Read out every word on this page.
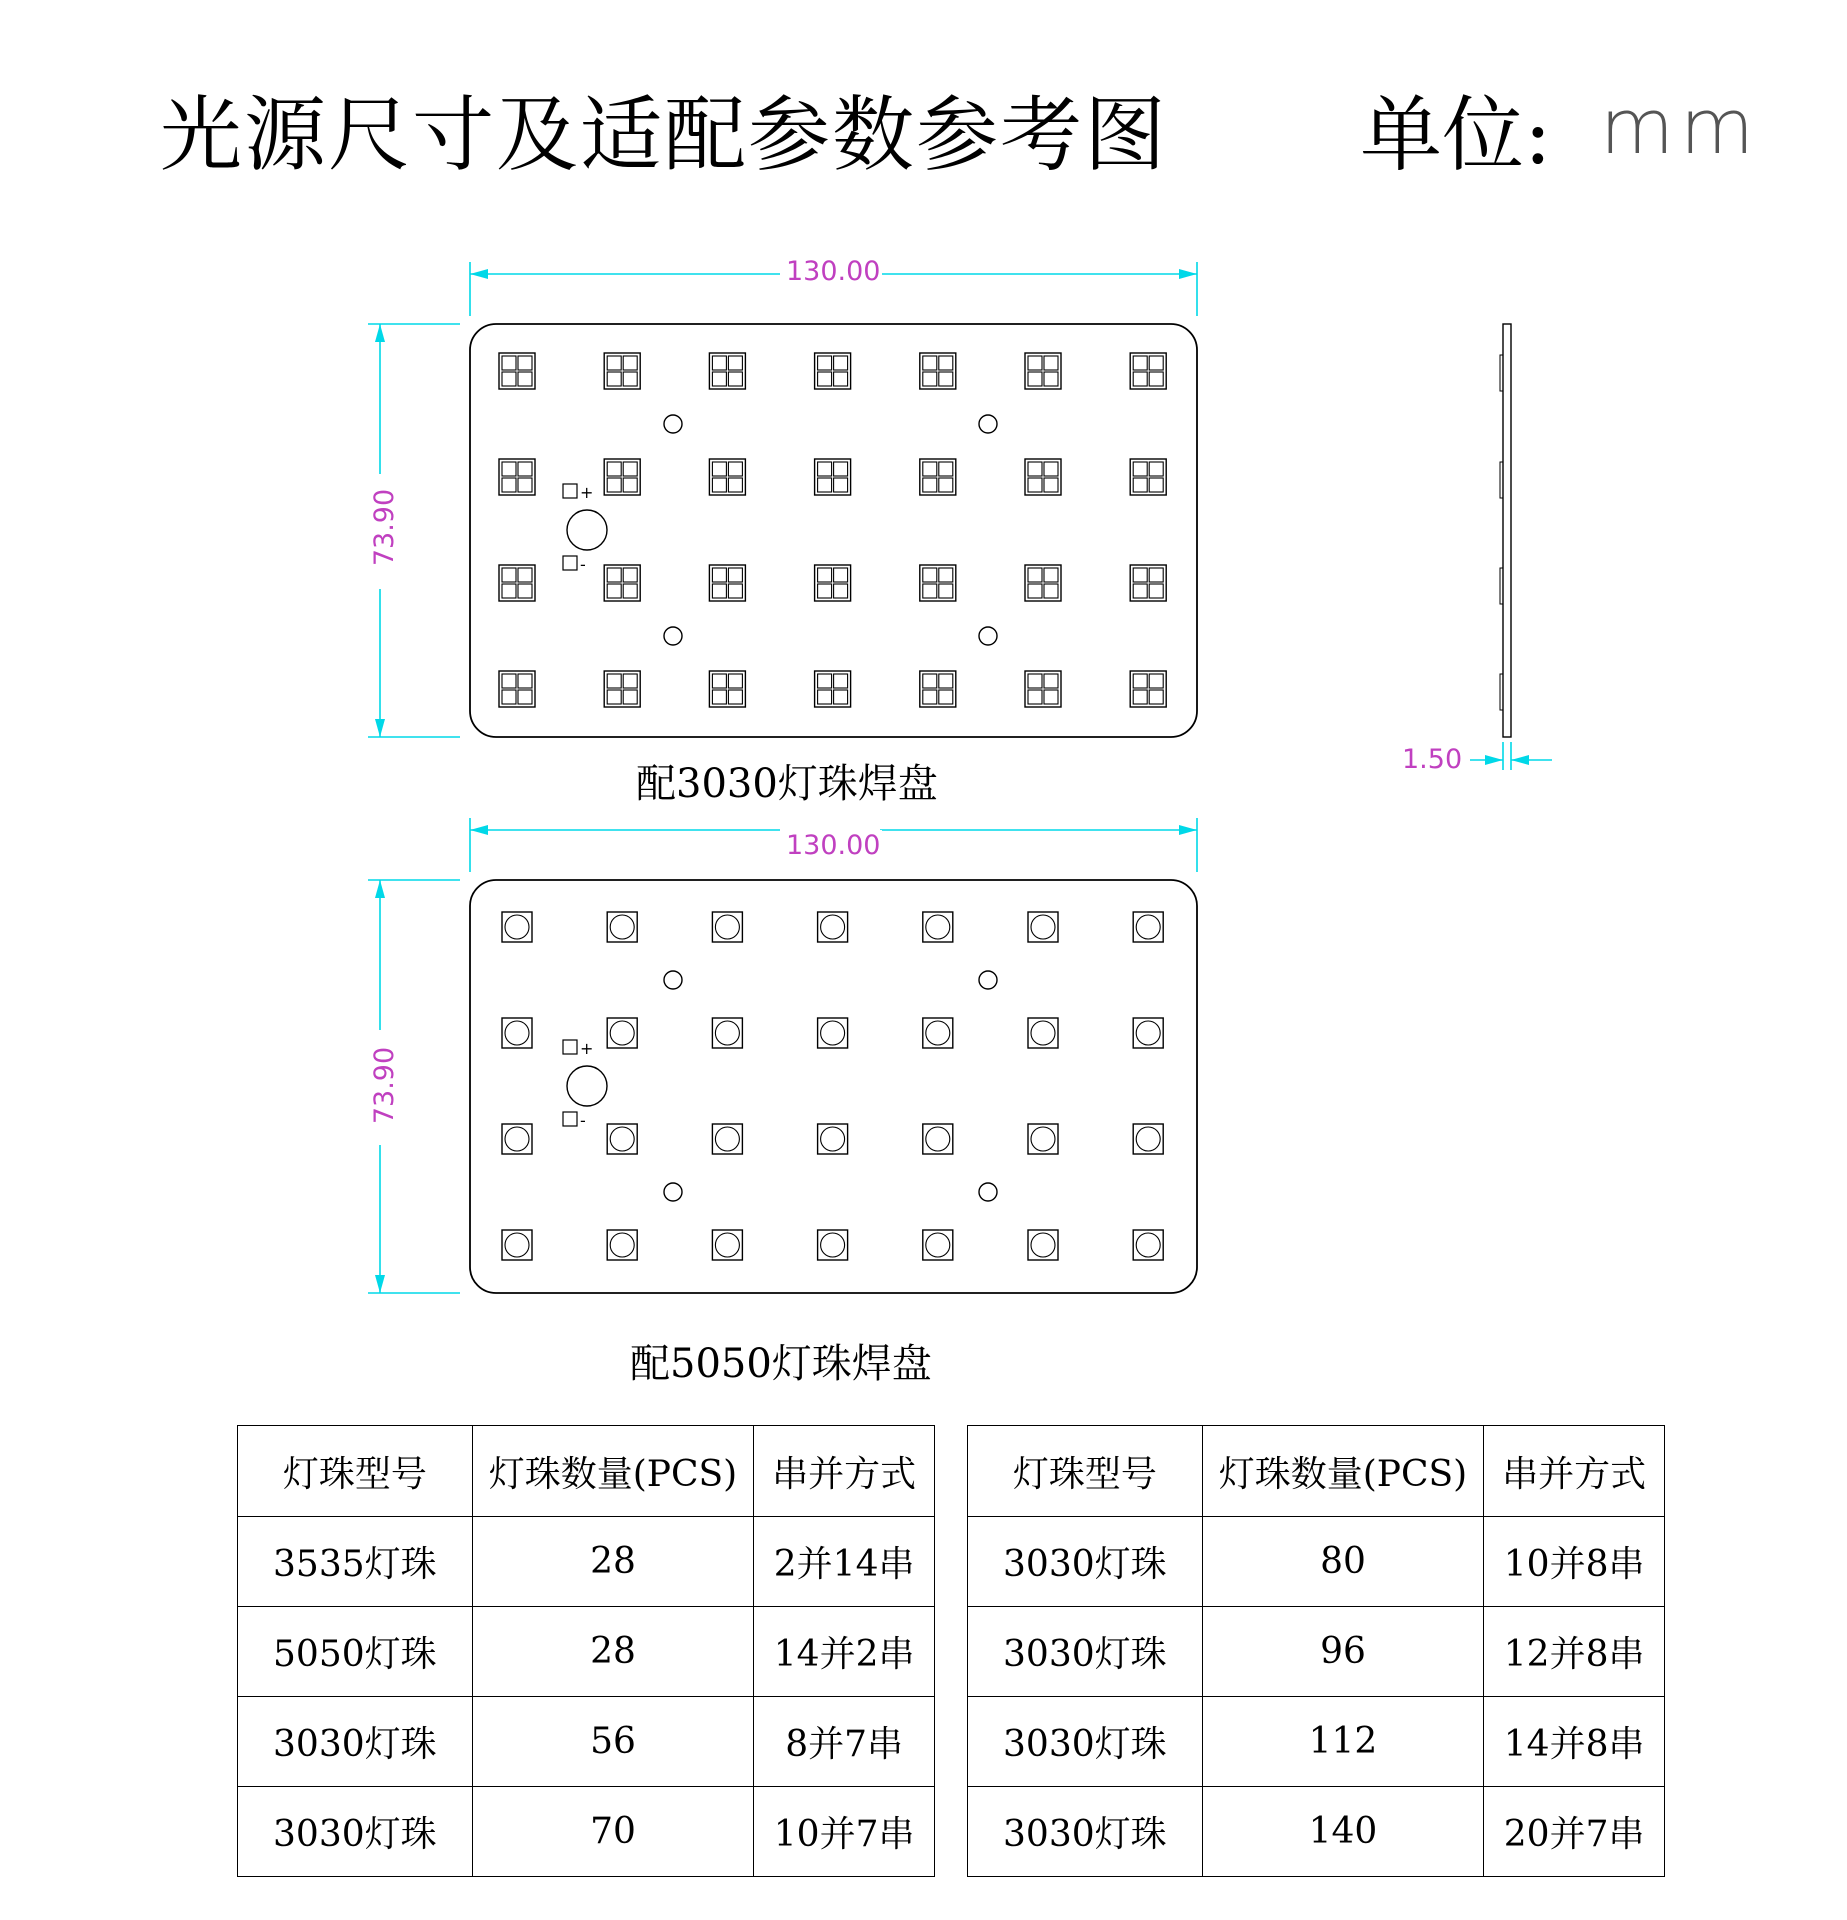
+
-
+
-
光源尺寸及适配参数参考图 单位: mm
130.00
73.90
1.50
130.00
73.90
配3030灯珠焊盘
配5050灯珠焊盘
灯珠型号	灯珠数量(PCS)	串并方式
3535灯珠	28	2并14串
5050灯珠	28	14并2串
3030灯珠	56	8并7串
3030灯珠	70	10并7串
灯珠型号	灯珠数量(PCS)	串并方式
3030灯珠	80	10并8串
3030灯珠	96	12并8串
3030灯珠	112	14并8串
3030灯珠	140	20并7串
